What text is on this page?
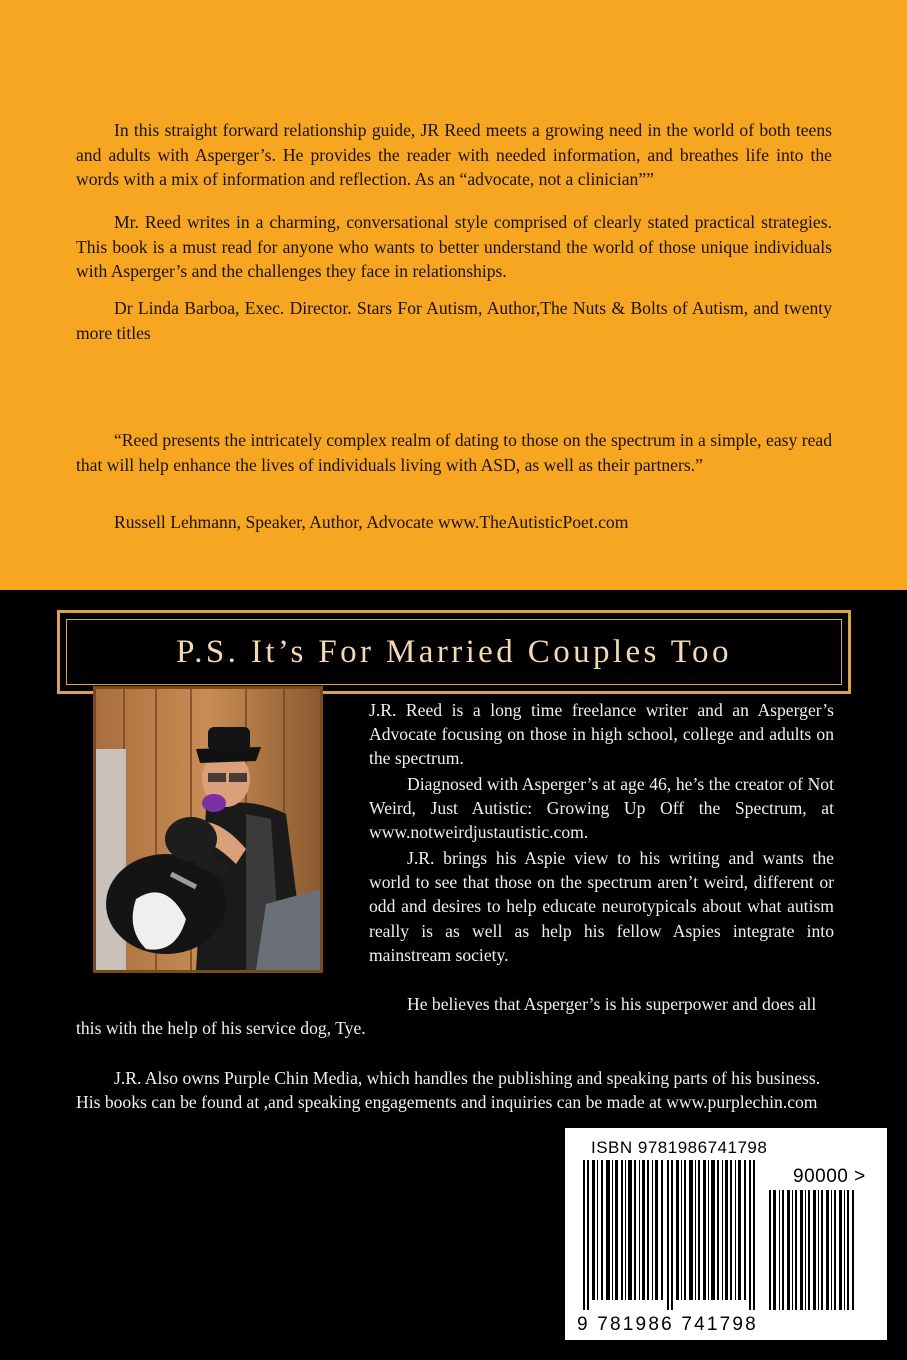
In this straight forward relationship guide, JR Reed meets a growing need in the world of both teens and adults with Asperger’s. He provides the reader with needed information, and breathes life into the words with a mix of information and reflection. As an “advocate, not a clinician””

Mr. Reed writes in a charming, conversational style comprised of clearly stated practical strategies. This book is a must read for anyone who wants to better understand the world of those unique individuals with Asperger’s and the challenges they face in relationships.

Dr Linda Barboa, Exec. Director. Stars For Autism, Author,The Nuts & Bolts of Autism, and twenty more titles

“Reed presents the intricately complex realm of dating to those on the spectrum in a simple, easy read that will help enhance the lives of individuals living with ASD, as well as their partners.”

Russell Lehmann, Speaker, Author, Advocate www.TheAutisticPoet.com

P.S. It’s For Married Couples Too

J.R. Reed is a long time freelance writer and an Asperger’s Advocate focusing on those in high school, college and adults on the spectrum.

Diagnosed with Asperger’s at age 46, he’s the creator of Not Weird, Just Autistic: Growing Up Off the Spectrum, at www.notweirdjustautistic.com.

J.R. brings his Aspie view to his writing and wants the world to see that those on the spectrum aren’t weird, different or odd and desires to help educate neurotypicals about what autism really is as well as help his fellow Aspies integrate into mainstream society.

He believes that Asperger’s is his superpower and does all

this with the help of his service dog, Tye.

J.R. Also owns Purple Chin Media, which handles the publishing and speaking parts of his business. His books can be found at ,and speaking engagements and inquiries can be made at www.purplechin.com

ISBN 9781986741798
90000 >
9 781986 741798
